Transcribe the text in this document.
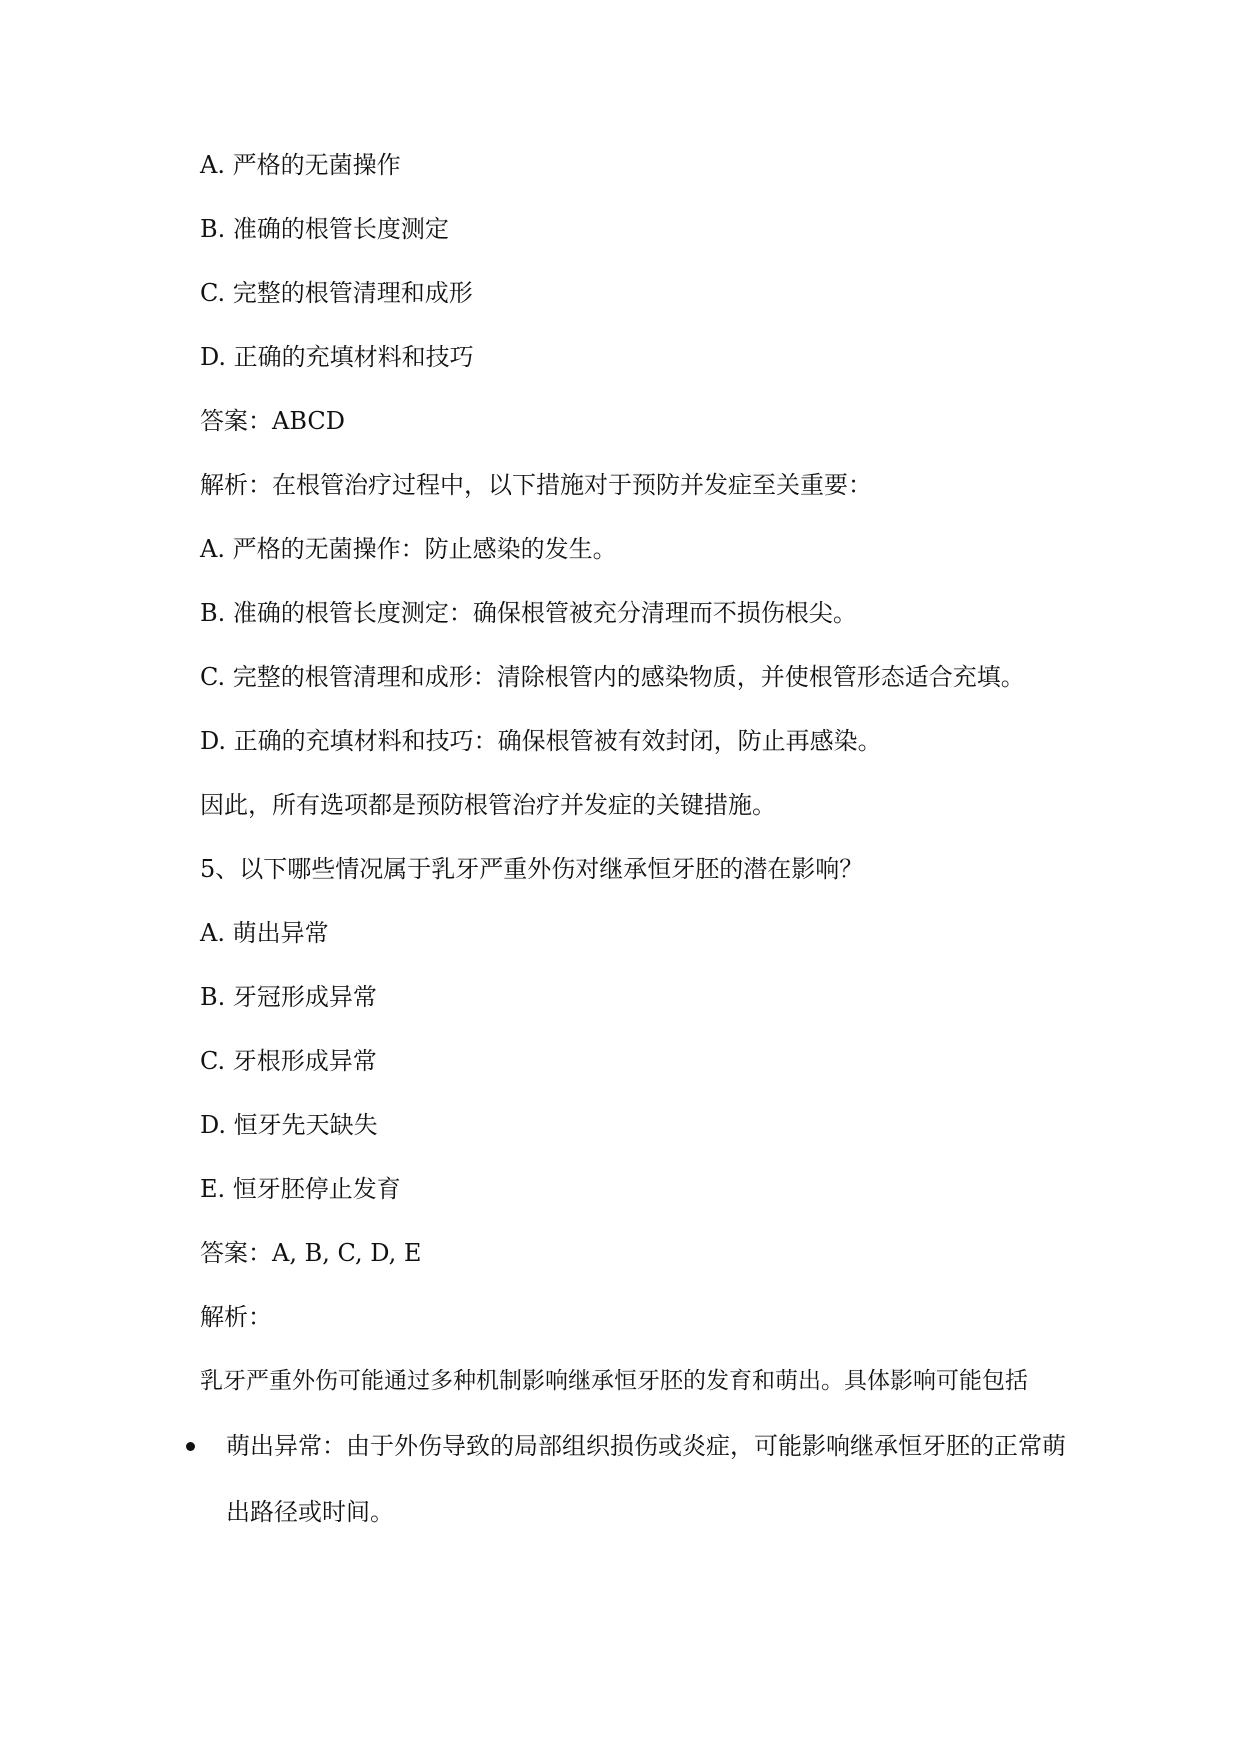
A. 严格的无菌操作
B. 准确的根管长度测定
C. 完整的根管清理和成形
D. 正确的充填材料和技巧
答案：ABCD
解析：在根管治疗过程中，以下措施对于预防并发症至关重要：
A. 严格的无菌操作：防止感染的发生。
B. 准确的根管长度测定：确保根管被充分清理而不损伤根尖。
C. 完整的根管清理和成形：清除根管内的感染物质，并使根管形态适合充填。
D. 正确的充填材料和技巧：确保根管被有效封闭，防止再感染。
因此，所有选项都是预防根管治疗并发症的关键措施。
5、以下哪些情况属于乳牙严重外伤对继承恒牙胚的潜在影响？
A. 萌出异常
B. 牙冠形成异常
C. 牙根形成异常
D. 恒牙先天缺失
E. 恒牙胚停止发育
答案：A, B, C, D, E
解析：
乳牙严重外伤可能通过多种机制影响继承恒牙胚的发育和萌出。具体影响可能包括
萌出异常：由于外伤导致的局部组织损伤或炎症，可能影响继承恒牙胚的正常萌
出路径或时间。
